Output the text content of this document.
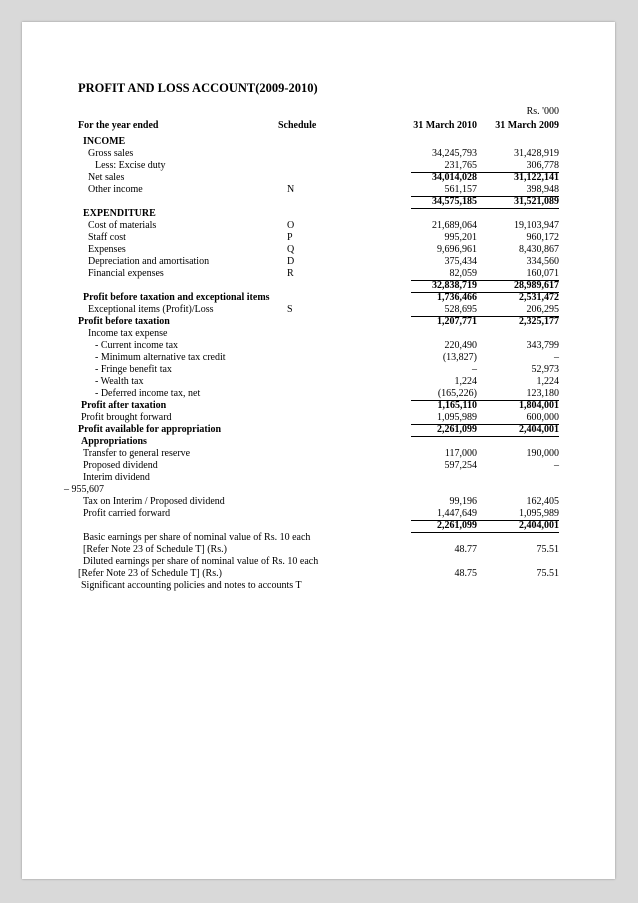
PROFIT AND LOSS ACCOUNT(2009-2010)
Rs. '000
For the year ended	Schedule	31 March 2010 31 March 2009
INCOME
Gross sales	34,245,793	31,428,919
Less: Excise duty	231,765	306,778
Net sales	34,014,028	31,122,141
Other income	N	561,157	398,948
34,575,185	31,521,089
EXPENDITURE
Cost of materials	O	21,689,064	19,103,947
Staff cost	P	995,201	960,172
Expenses	Q	9,696,961	8,430,867
Depreciation and amortisation	D	375,434	334,560
Financial expenses	R	82,059	160,071
32,838,719	28,989,617
Profit before taxation and exceptional items	1,736,466	2,531,472
Exceptional items (Profit)/Loss	S	528,695	206,295
Profit before taxation	1,207,771	2,325,177
Income tax expense
- Current income tax	220,490	343,799
- Minimum alternative tax credit	(13,827)	–
- Fringe benefit tax	–	52,973
- Wealth tax	1,224	1,224
- Deferred income tax, net	(165,226)	123,180
Profit after taxation	1,165,110	1,804,001
Profit brought forward	1,095,989	600,000
Profit available for appropriation	2,261,099	2,404,001
Appropriations
Transfer to general reserve	117,000	190,000
Proposed dividend	597,254	–
Interim dividend
– 955,607
Tax on Interim / Proposed dividend	99,196	162,405
Profit carried forward	1,447,649	1,095,989
2,261,099	2,404,001
Basic earnings per share of nominal value of Rs. 10 each
[Refer Note 23 of Schedule T] (Rs.)	48.77	75.51
Diluted earnings per share of nominal value of Rs. 10 each
[Refer Note 23 of Schedule T] (Rs.)	48.75	75.51
Significant accounting policies and notes to accounts T
